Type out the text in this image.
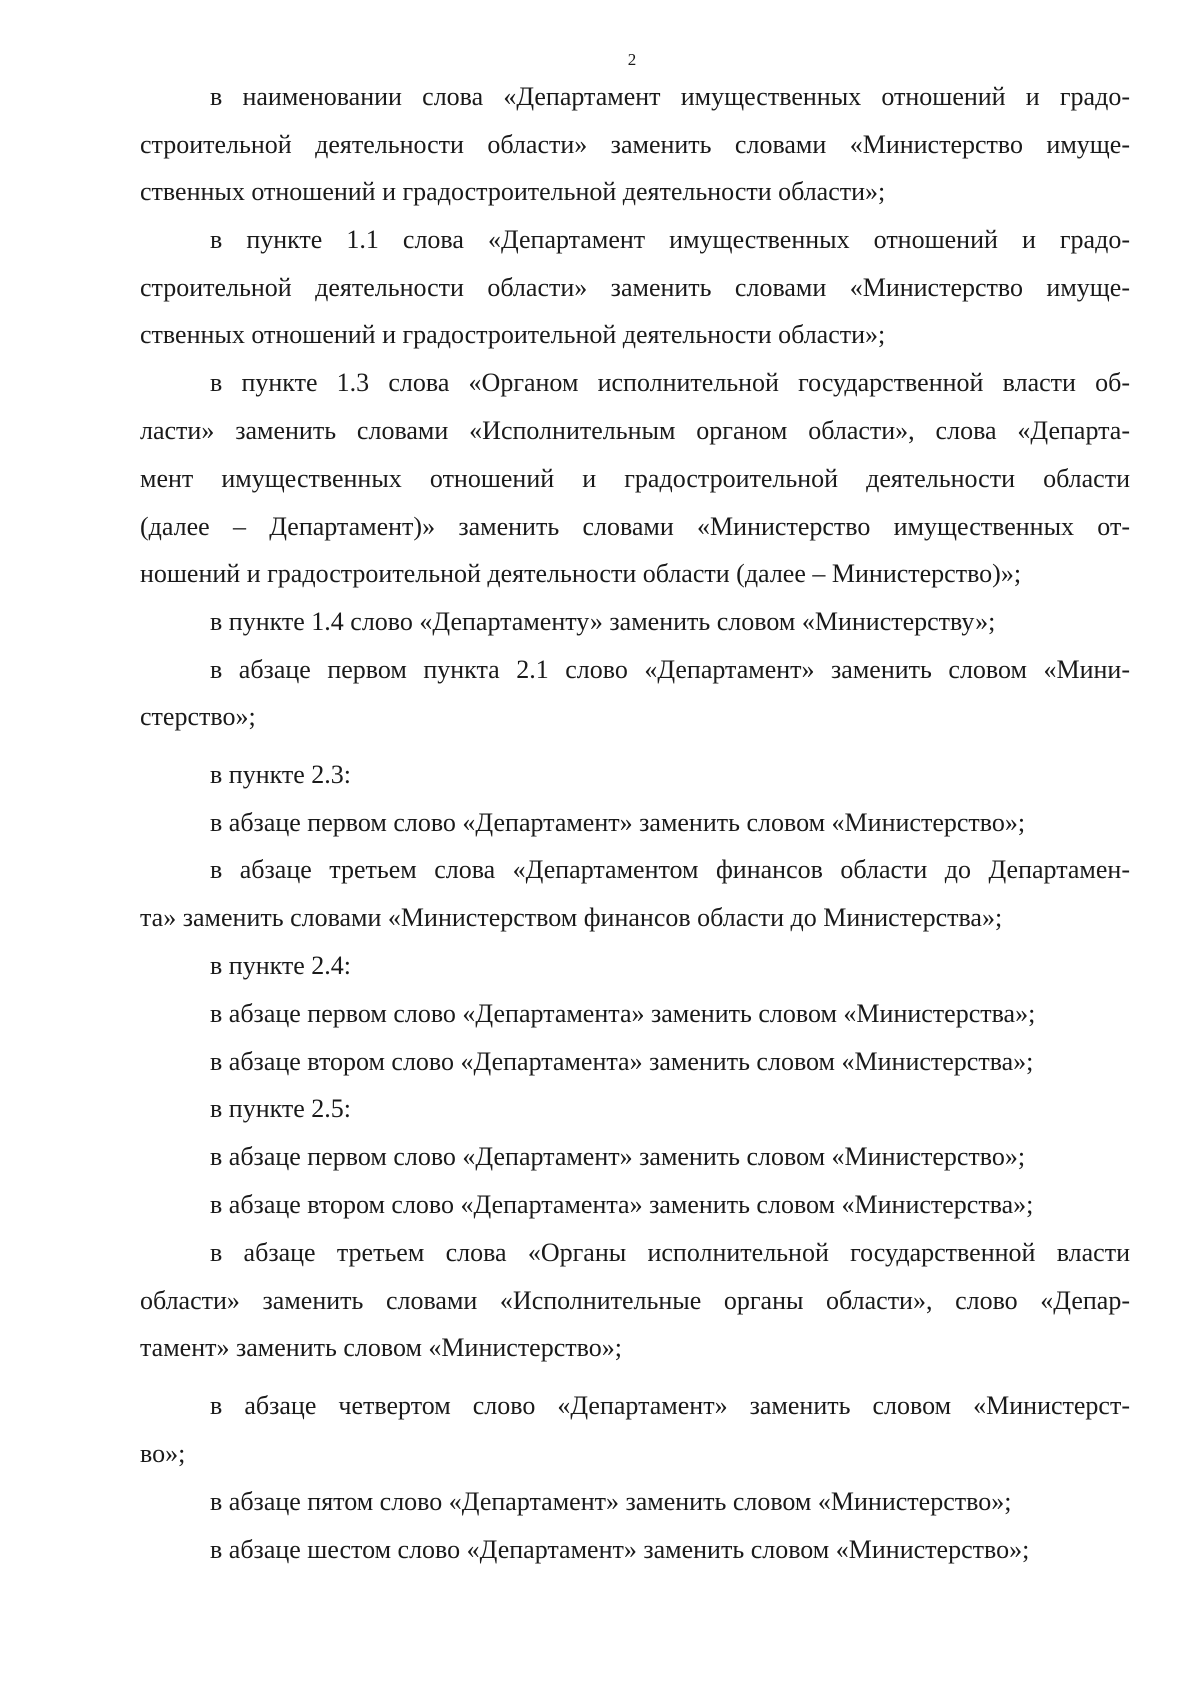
2
в наименовании слова «Департамент имущественных отношений и градо-
строительной деятельности области» заменить словами «Министерство имуще-
ственных отношений и градостроительной деятельности области»;
в пункте 1.1 слова «Департамент имущественных отношений и градо-
строительной деятельности области» заменить словами «Министерство имуще-
ственных отношений и градостроительной деятельности области»;
в пункте 1.3 слова «Органом исполнительной государственной власти об-
ласти» заменить словами «Исполнительным органом области», слова «Департа-
мент имущественных отношений и градостроительной деятельности области
(далее – Департамент)» заменить словами «Министерство имущественных от-
ношений и градостроительной деятельности области (далее – Министерство)»;
в пункте 1.4 слово «Департаменту» заменить словом «Министерству»;
в абзаце первом пункта 2.1 слово «Департамент» заменить словом «Мини-
стерство»;
в пункте 2.3:
в абзаце первом слово «Департамент» заменить словом «Министерство»;
в абзаце третьем слова «Департаментом финансов области до Департамен-
та» заменить словами «Министерством финансов области до Министерства»;
в пункте 2.4:
в абзаце первом слово «Департамента» заменить словом «Министерства»;
в абзаце втором слово «Департамента» заменить словом «Министерства»;
в пункте 2.5:
в абзаце первом слово «Департамент» заменить словом «Министерство»;
в абзаце втором слово «Департамента» заменить словом «Министерства»;
в абзаце третьем слова «Органы исполнительной государственной власти
области» заменить словами «Исполнительные органы области», слово «Депар-
тамент» заменить словом «Министерство»;
в абзаце четвертом слово «Департамент» заменить словом «Министерст-
во»;
в абзаце пятом слово «Департамент» заменить словом «Министерство»;
в абзаце шестом слово «Департамент» заменить словом «Министерство»;
